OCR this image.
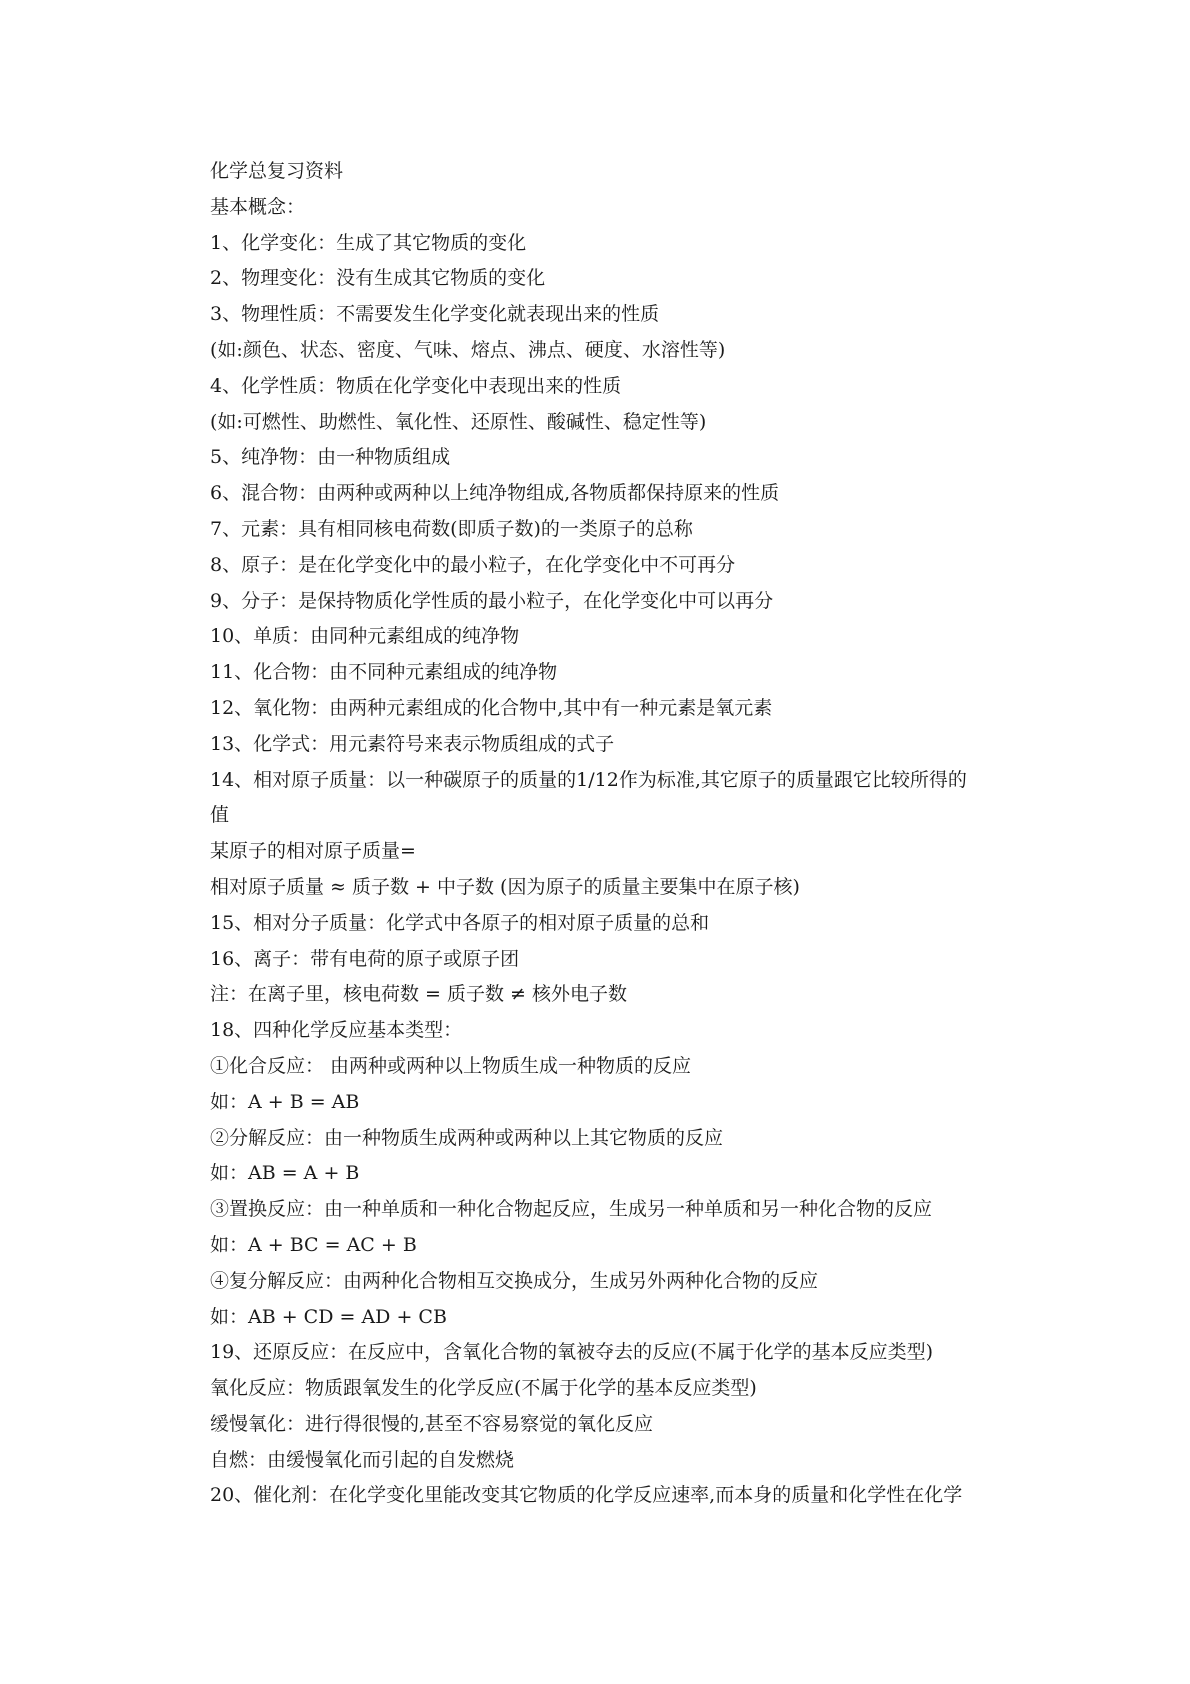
化学总复习资料
基本概念：
1、化学变化：生成了其它物质的变化
2、物理变化：没有生成其它物质的变化
3、物理性质：不需要发生化学变化就表现出来的性质
(如:颜色、状态、密度、气味、熔点、沸点、硬度、水溶性等)
4、化学性质：物质在化学变化中表现出来的性质
(如:可燃性、助燃性、氧化性、还原性、酸碱性、稳定性等)
5、纯净物：由一种物质组成
6、混合物：由两种或两种以上纯净物组成,各物质都保持原来的性质
7、元素：具有相同核电荷数(即质子数)的一类原子的总称
8、原子：是在化学变化中的最小粒子，在化学变化中不可再分
9、分子：是保持物质化学性质的最小粒子，在化学变化中可以再分
10、单质：由同种元素组成的纯净物
11、化合物：由不同种元素组成的纯净物
12、氧化物：由两种元素组成的化合物中,其中有一种元素是氧元素
13、化学式：用元素符号来表示物质组成的式子
14、相对原子质量：以一种碳原子的质量的1/12作为标准,其它原子的质量跟它比较所得的
值
某原子的相对原子质量=
相对原子质量 ≈ 质子数 + 中子数 (因为原子的质量主要集中在原子核)
15、相对分子质量：化学式中各原子的相对原子质量的总和
16、离子：带有电荷的原子或原子团
注：在离子里，核电荷数 = 质子数 ≠ 核外电子数
18、四种化学反应基本类型：
①化合反应： 由两种或两种以上物质生成一种物质的反应
如：A + B = AB
②分解反应：由一种物质生成两种或两种以上其它物质的反应
如：AB = A + B
③置换反应：由一种单质和一种化合物起反应，生成另一种单质和另一种化合物的反应
如：A + BC = AC + B
④复分解反应：由两种化合物相互交换成分，生成另外两种化合物的反应
如：AB + CD = AD + CB
19、还原反应：在反应中，含氧化合物的氧被夺去的反应(不属于化学的基本反应类型)
氧化反应：物质跟氧发生的化学反应(不属于化学的基本反应类型)
缓慢氧化：进行得很慢的,甚至不容易察觉的氧化反应
自燃：由缓慢氧化而引起的自发燃烧
20、催化剂：在化学变化里能改变其它物质的化学反应速率,而本身的质量和化学性在化学
